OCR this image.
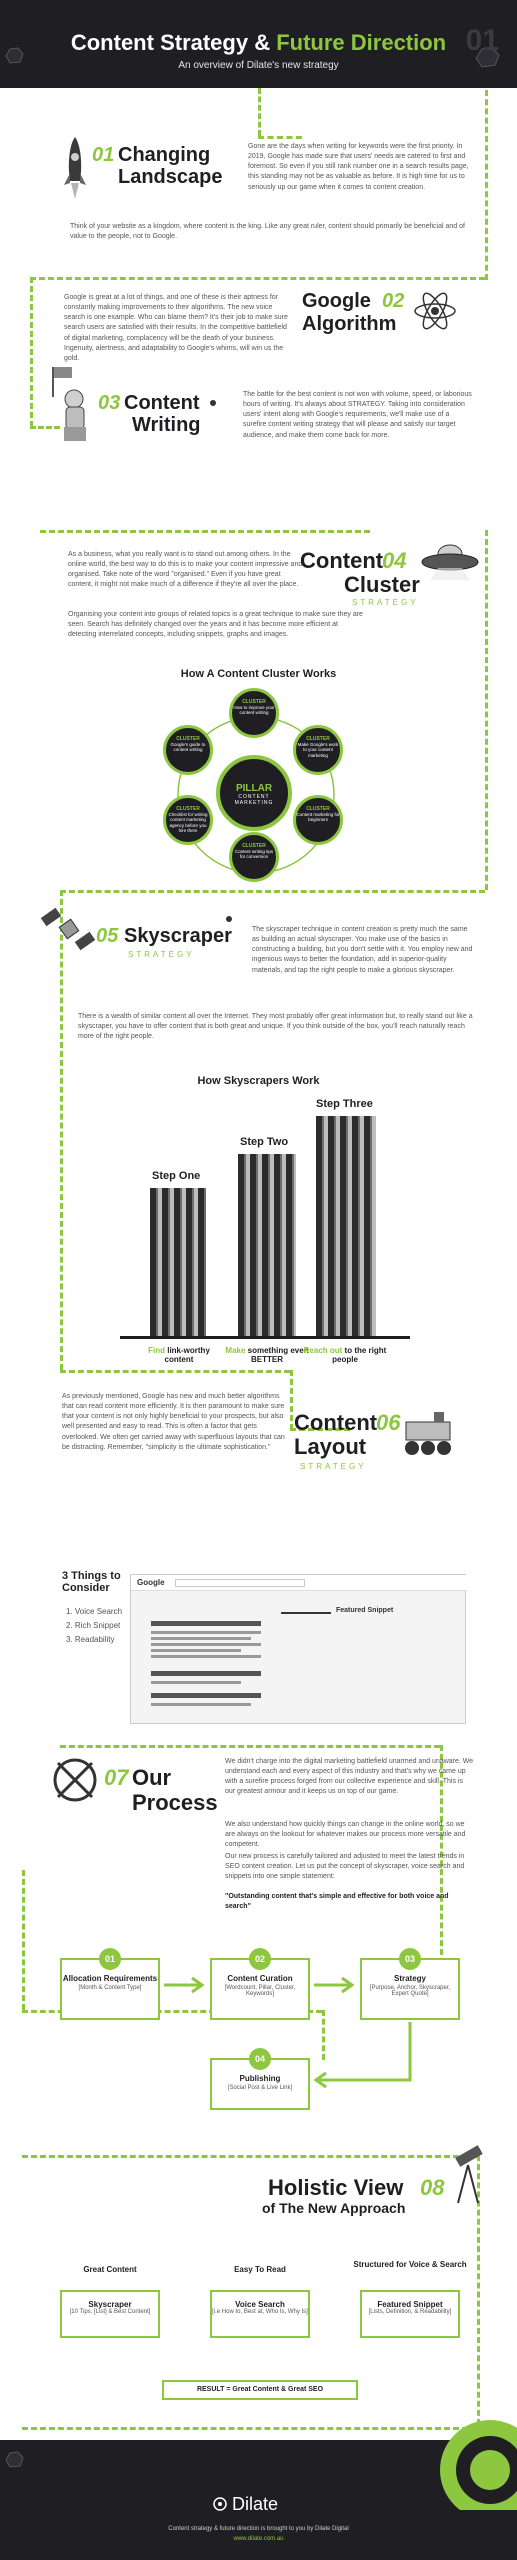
Content Strategy & Future Direction
An overview of Dilate's new strategy
01
01 Changing
Landscape
Gone are the days when writing for keywords were the first priority. In 2019, Google has made sure that users' needs are catered to first and foremost. So even if you still rank number one in a search results page, this standing may not be as valuable as before. It is high time for us to seriously up our game when it comes to content creation.
Think of your website as a kingdom, where content is the king. Like any great ruler, content should primarily be beneficial and of value to the people, not to Google.
Google is great at a lot of things, and one of these is their aptness for constantly making improvements to their algorithms. The new voice search is one example. Who can blame them? It's their job to make sure search users are satisfied with their results. In the competitive battlefield of digital marketing, complacency will be the death of your business. Ingenuity, alertness, and adaptability to Google's whims, will win us the gold.
Google 02
Algorithm
03 Content
Writing
The battle for the best content is not won with volume, speed, or laborious hours of writing. It's always about STRATEGY. Taking into consideration users' intent along with Google's requirements, we'll make use of a surefire content writing strategy that will please and satisfy our target audience, and make them come back for more.
As a business, what you really want is to stand out among others. In the online world, the best way to do this is to make your content impressive and organised. Take note of the word "organised." Even if you have great content, it might not make much of a difference if they're all over the place.
Organising your content into groups of related topics is a great technique to make sure they are seen. Search has definitely changed over the years and it has become more efficient at detecting interrelated concepts, including snippets, graphs and images.
Content
04
Cluster
STRATEGY
How A Content Cluster Works
PILLAR
CONTENT MARKETING
CLUSTER
How to improve your content writing
CLUSTER
Make Google's work to your content marketing
CLUSTER
Content marketing for beginners
CLUSTER
Content writing tips for conversion
CLUSTER
Checklist for writing content marketing agency before you hire them
CLUSTER
Google's guide to content writing
05 Skyscraper
STRATEGY
The skyscraper technique in content creation is pretty much the same as building an actual skyscraper. You make use of the basics in constructing a building, but you don't settle with it. You employ new and ingenious ways to better the foundation, add in superior-quality materials, and tap the right people to make a glorious skyscraper.
There is a wealth of similar content all over the Internet. They most probably offer great information but, to really stand out like a skyscraper, you have to offer content that is both great and unique. If you think outside of the box, you'll reach naturally reach more of the right people.
How Skyscrapers Work
Step One
Step Two
Step Three
Find link-worthy content
Make something even BETTER
Reach out to the right people
As previously mentioned, Google has new and much better algorithms that can read content more efficiently. It is then paramount to make sure that your content is not only highly beneficial to your prospects, but also well presented and easy to read. This is often a factor that gets overlooked. We often get carried away with superfluous layouts that can be distracting. Remember, "simplicity is the ultimate sophistication."
Content
06
Layout
STRATEGY
3 Things to Consider
1. Voice Search
2. Rich Snippet
3. Readability
Google
Featured Snippet
07 Our
Process
We didn't charge into the digital marketing battlefield unarmed and unaware. We understand each and every aspect of this industry and that's why we came up with a surefire process forged from our collective experience and skill. This is our greatest armour and it keeps us on top of our game.
We also understand how quickly things can change in the online world, so we are always on the lookout for whatever makes our process more versatile and competent.
Our new process is carefully tailored and adjusted to meet the latest trends in SEO content creation. Let us put the concept of skyscraper, voice search and snippets into one simple statement:
"Outstanding content that's simple and effective for both voice and search"
01
Allocation Requirements
[Month & Content Type]
02
Content Curation
[Wordcount, Pillar, Cluster, Keywords]
03
Strategy
[Purpose, Anchor, Skyscraper, Expert Quote]
04
Publishing
[Social Post & Live Link]
Holistic View 08
of The New Approach
Great Content	Easy To Read
Structured for Voice & Search
Skyscraper
[10 Tips, [List] & Best Content]
Voice Search
[i.e How to, Best at, Who Is, Why Is]
Featured Snippet
[Lists, Definition, & Readability]
RESULT = Great Content & Great SEO
Dilate
Content strategy & future direction is brought to you by Dilate Digital
www.dilate.com.au
